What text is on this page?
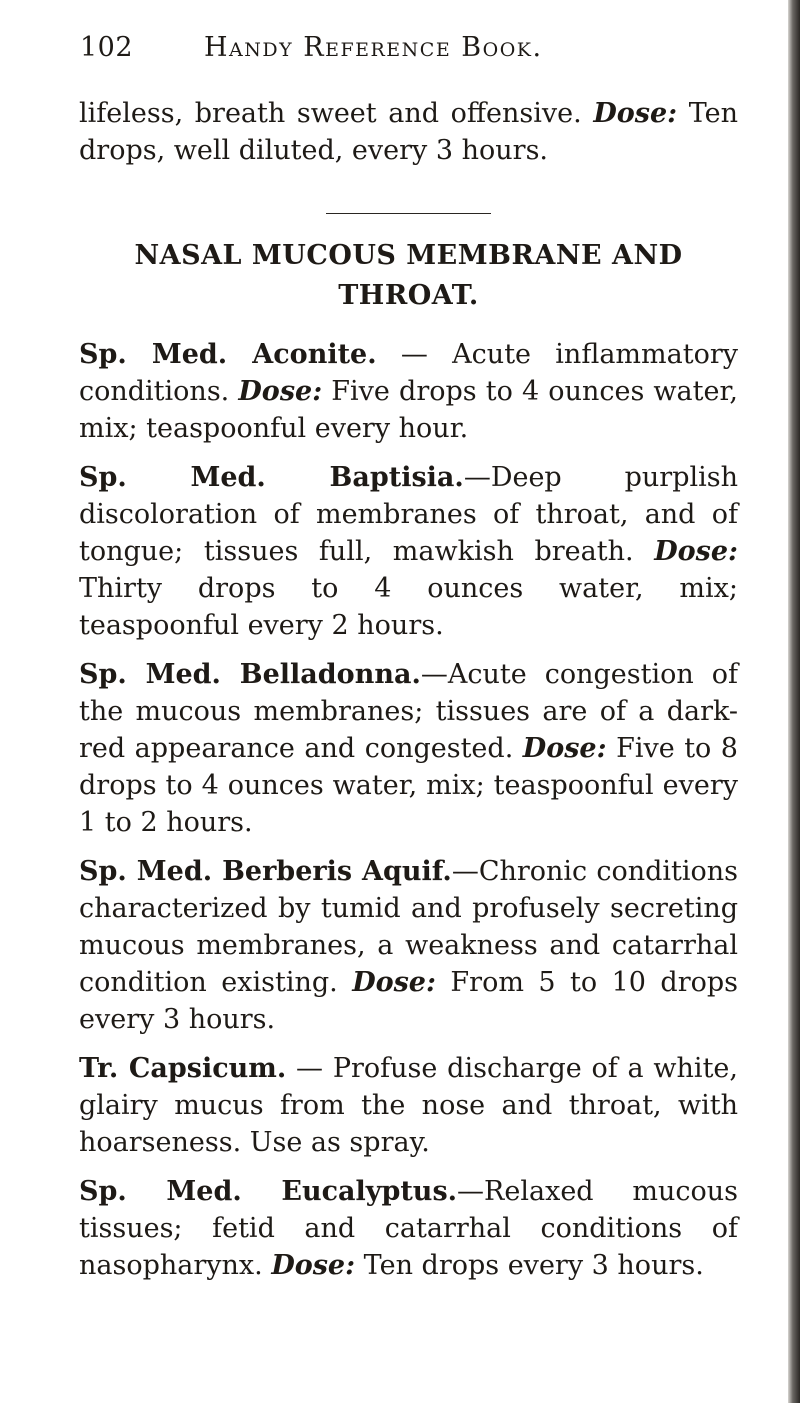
102	Handy Reference Book.

lifeless, breath sweet and offensive. Dose: Ten drops, well diluted, every 3 hours.

NASAL MUCOUS MEMBRANE AND
THROAT.

Sp. Med. Aconite. — Acute inflammatory conditions. Dose: Five drops to 4 ounces water, mix; teaspoonful every hour.

Sp. Med. Baptisia.—Deep purplish discoloration of membranes of throat, and of tongue; tissues full, mawkish breath. Dose: Thirty drops to 4 ounces water, mix; teaspoonful every 2 hours.

Sp. Med. Belladonna.—Acute congestion of the mucous membranes; tissues are of a dark-red appearance and congested. Dose: Five to 8 drops to 4 ounces water, mix; teaspoonful every 1 to 2 hours.

Sp. Med. Berberis Aquif.—Chronic conditions characterized by tumid and profusely secreting mucous membranes, a weakness and catarrhal condition existing. Dose: From 5 to 10 drops every 3 hours.

Tr. Capsicum. — Profuse discharge of a white, glairy mucus from the nose and throat, with hoarseness. Use as spray.

Sp. Med. Eucalyptus.—Relaxed mucous tissues; fetid and catarrhal conditions of nasopharynx. Dose: Ten drops every 3 hours.
